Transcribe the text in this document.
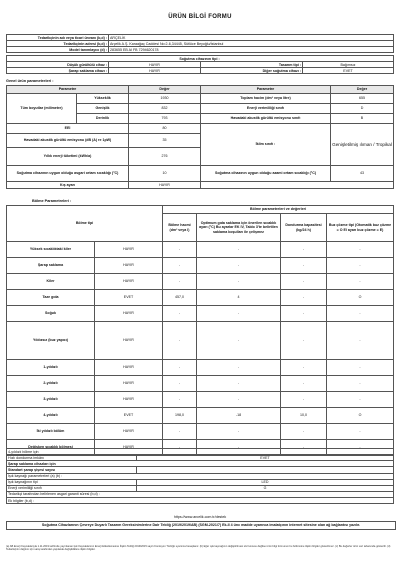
ÜRÜN BİLGİ FORMU
Tedarikçinin adı veya ticari ünvanı (b,d) :	ARÇELİK
Tedarikçinin adresi (b,d) :	Arçelik A.Ş. Karaağaç Caddesi No:2-6,34445, Sütlüce Beyoğlu/İstanbul
Model tanımlayıcı (d) :	283655 EB AI FB 7294620178
Soğutma cihazının tipi :			
Düşük gürültülü cihaz :	HAYIR	Tasarım tipi :	Bağımsız
Şarap saklama cihazı :	HAYIR	Diğer soğutma cihazı :	EVET
Genel ürün parametreleri :
Parametre		Değer	Parametre	Değer
Tüm boyutlar (milimetre)	Yükseklik	1930	Toplam hacim (dm³ veya litre)	655
	Genişlik	832	Enerji verimliliği sınıfı	D
	Derinlik	793	Havadaki akustik gürültü emisyonu sınıfı	B
EEI		80	İklim sınıfı :	Genişletilmiş ılıman / Tropikal
Havadaki akustik gürültü emisyonu (dB (A) re 1pW)		35		
Yıllık enerji tüketimi (kWh/a)		276		
Soğutma cihazının uygun olduğu asgari ortam sıcaklığı (°C)		10	Soğutma cihazının uygun olduğu azami ortam sıcaklığı (°C)	43
Kış ayarı		HAYIR		
Bölme Parametreleri :
Bölme tipi		Bölme parametreleri ve değerleri			
		Bölme hacmi (dm³ veya l)	Optimum gıda saklama için önerilen sıcaklık ayarı (°C) Bu ayarlar EK IV, Tablo 3'te belirtilen saklama koşulları ile çelişmez	Dondurma kapasitesi (kg/24 h)	Buz çözme tipi (Otomatik buz çözme = O El ayarı buz çözme = E)
Yüksek sıcaklıktaki kiler	HAYIR	-	-	-	-
Şarap saklama	HAYIR	-	-	-	-
Kiler	HAYIR	-	-	-	-
Taze gıda	EVET	457,0	4	-	O
Soğuk	HAYIR	-	-	-	-
Yıldızsız (buz yapıcı)	HAYIR	-	-	-	-
1-yıldızlı	HAYIR	-	-	-	-
2-yıldızlı	HAYIR	-	-	-	-
3-yıldızlı	HAYIR	-	-	-	-
4-yıldızlı	EVET	198,0	-18	10,0	O
İki yıldızlı bölüm	HAYIR	-	-	-	-
Değişken sıcaklık bölmesi	HAYIR	-	-	-	-
4-yıldızlı bölme için	
Hızlı dondurma imkânı	EVET
Şarap saklama cihazları için	
Standart şarap şişesi sayısı	
Işık kaynağı parametreleri (a) (b) :	
Işık kaynağının tipi	LED
Enerji verimliliği sınıfı	G
Tedarikçi tarafından belirlenen asgari garanti süresi (b,d) :	
Ek bilgiler (b,d) :	
https://www.arcelik.com.tr/destek
Soğutma Cihazlarının Çevreye Duyarlı Tasarım Gereksinimlerine Dair Tebliğ (2019/2019/AB) (SGM-2021/7) Ek-II 4 ünc madde uyarınca imalatçının internet sitesine olan ağ bağlantısı yazılır.
(a) AB Enerji Kaynaklarıyla 1.11.2019 tarihinde yayınlanan Işık Kaynaklarının Enerji Etiketlemesine İlişkin Tebliğ 2019/2015 sayılı Komisyon Tüzüğü uyarınca hesaplanır. (b) Eğer ışık kaynağının değiştirilmesi söz konusu değilse ürün bilgi formunun bu bölümüne ilişkin bilgiler gösterilmez. (c) Bu değerler ürün veri tabanında gösterilir. (d) Tedarikçinin dağıtım için satış tarafından yapılacak değişikliklere ilişkin bilgiler.
